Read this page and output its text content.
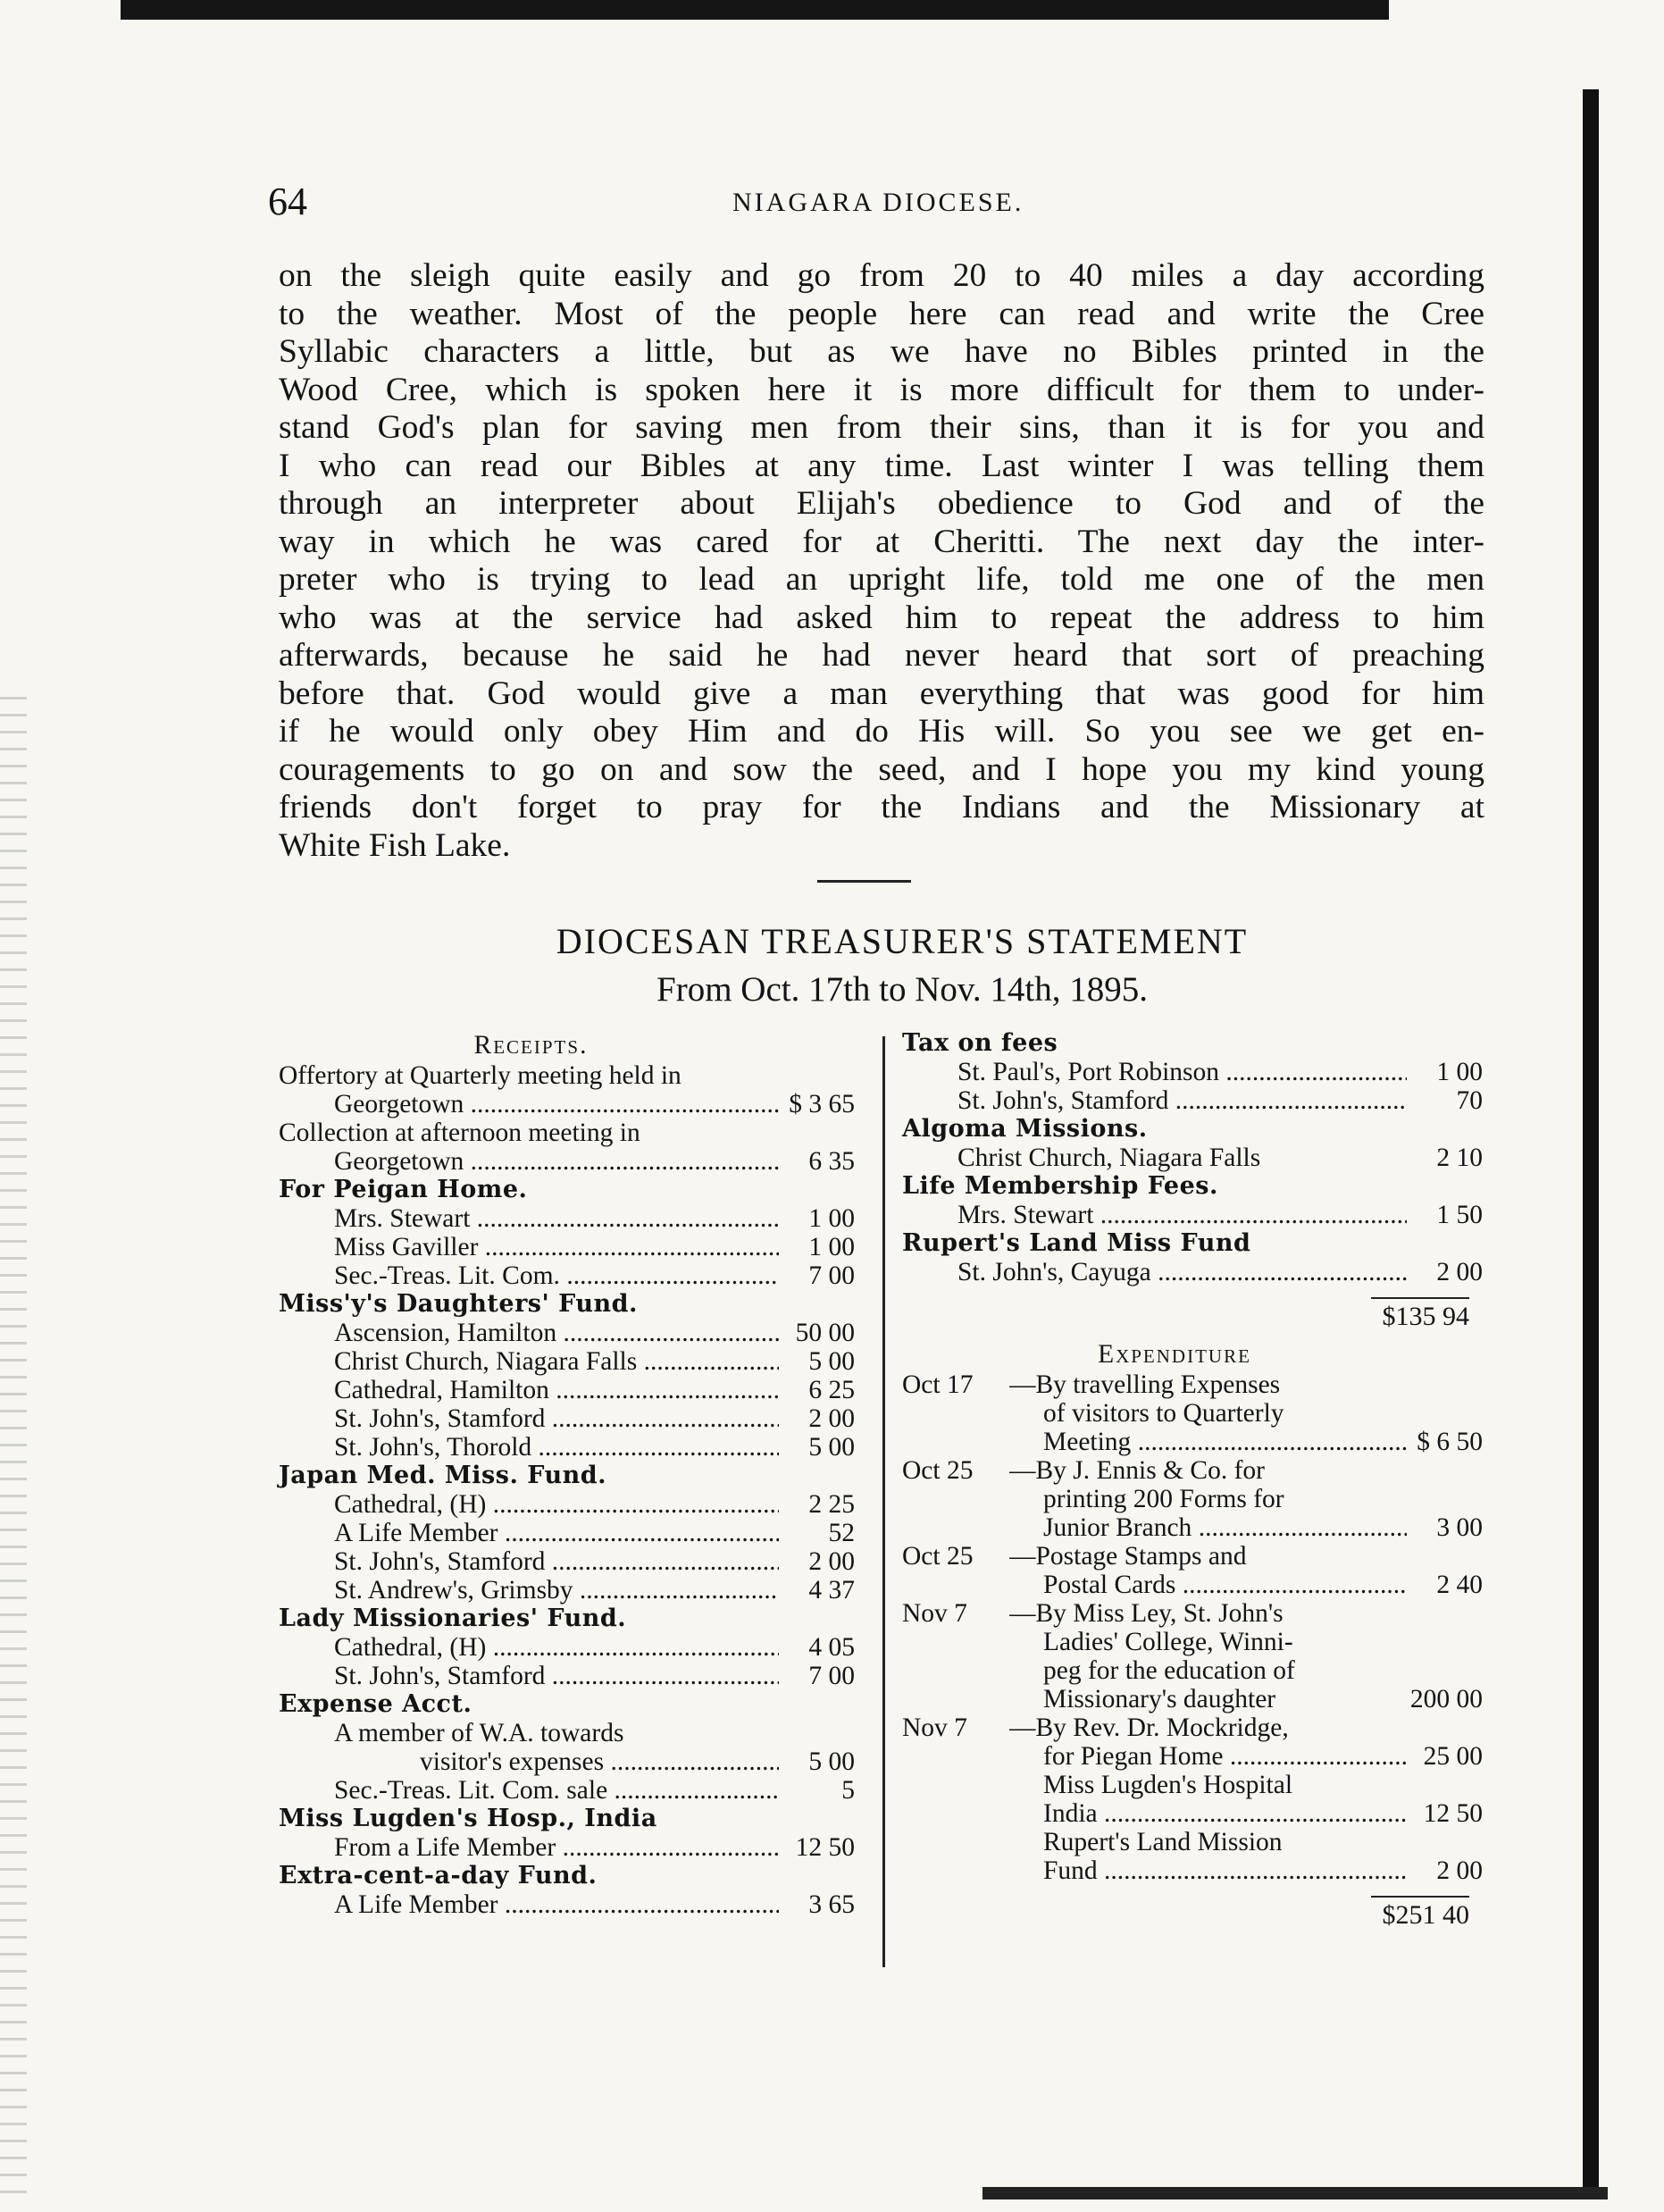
64	NIAGARA DIOCESE.

on the sleigh quite easily and go from 20 to 40 miles a day according
to the weather. Most of the people here can read and write the Cree
Syllabic characters a little, but as we have no Bibles printed in the
Wood Cree, which is spoken here it is more difficult for them to under-
stand God's plan for saving men from their sins, than it is for you and
I who can read our Bibles at any time. Last winter I was telling them
through an interpreter about Elijah's obedience to God and of the
way in which he was cared for at Cheritti. The next day the inter-
preter who is trying to lead an upright life, told me one of the men
who was at the service had asked him to repeat the address to him
afterwards, because he said he had never heard that sort of preaching
before that. God would give a man everything that was good for him
if he would only obey Him and do His will. So you see we get en-
couragements to go on and sow the seed, and I hope you my kind young
friends don't forget to pray for the Indians and the Missionary at
White Fish Lake.

DIOCESAN TREASURER'S STATEMENT

From Oct. 17th to Nov. 14th, 1895.

Receipts.
Offertory at Quarterly meeting held in
Georgetown .....	$ 3 65
Collection at afternoon meeting in
Georgetown .....	6 35
For Peigan Home.
Mrs. Stewart .....	1 00
Miss Gaviller .....	1 00
Sec.-Treas. Lit. Com. .....	7 00
Miss'y's Daughters' Fund.
Ascension, Hamilton .....	50 00
Christ Church, Niagara Falls .....	5 00
Cathedral, Hamilton .....	6 25
St. John's, Stamford .....	2 00
St. John's, Thorold .....	5 00
Japan Med. Miss. Fund.
Cathedral, (H) .....	2 25
A Life Member .....	52
St. John's, Stamford .....	2 00
St. Andrew's, Grimsby .....	4 37
Lady Missionaries' Fund.
Cathedral, (H) .....	4 05
St. John's, Stamford .....	7 00
Expense Acct.
A member of W.A. towards
visitor's expenses .....	5 00
Sec.-Treas. Lit. Com. sale .....	5
Miss Lugden's Hosp., India
From a Life Member .....	12 50
Extra-cent-a-day Fund.
A Life Member .....	3 65
Tax on fees
St. Paul's, Port Robinson .....	1 00
St. John's, Stamford .....	70
Algoma Missions.
Christ Church, Niagara Falls	2 10
Life Membership Fees.
Mrs. Stewart .....	1 50
Rupert's Land Miss Fund
St. John's, Cayuga .....	2 00
$135 94
Expenditure
Oct 17	—By travelling Expenses
of visitors to Quarterly
Meeting .....	$ 6 50
Oct 25	—By J. Ennis & Co. for
printing 200 Forms for
Junior Branch .....	3 00
Oct 25	—Postage Stamps and
Postal Cards .....	2 40
Nov 7	—By Miss Ley, St. John's
Ladies' College, Winni-
peg for the education of
Missionary's daughter	200 00
Nov 7	—By Rev. Dr. Mockridge,
for Piegan Home .....	25 00
Miss Lugden's Hospital
India .....	12 50
Rupert's Land Mission
Fund .....	2 00
$251 40
